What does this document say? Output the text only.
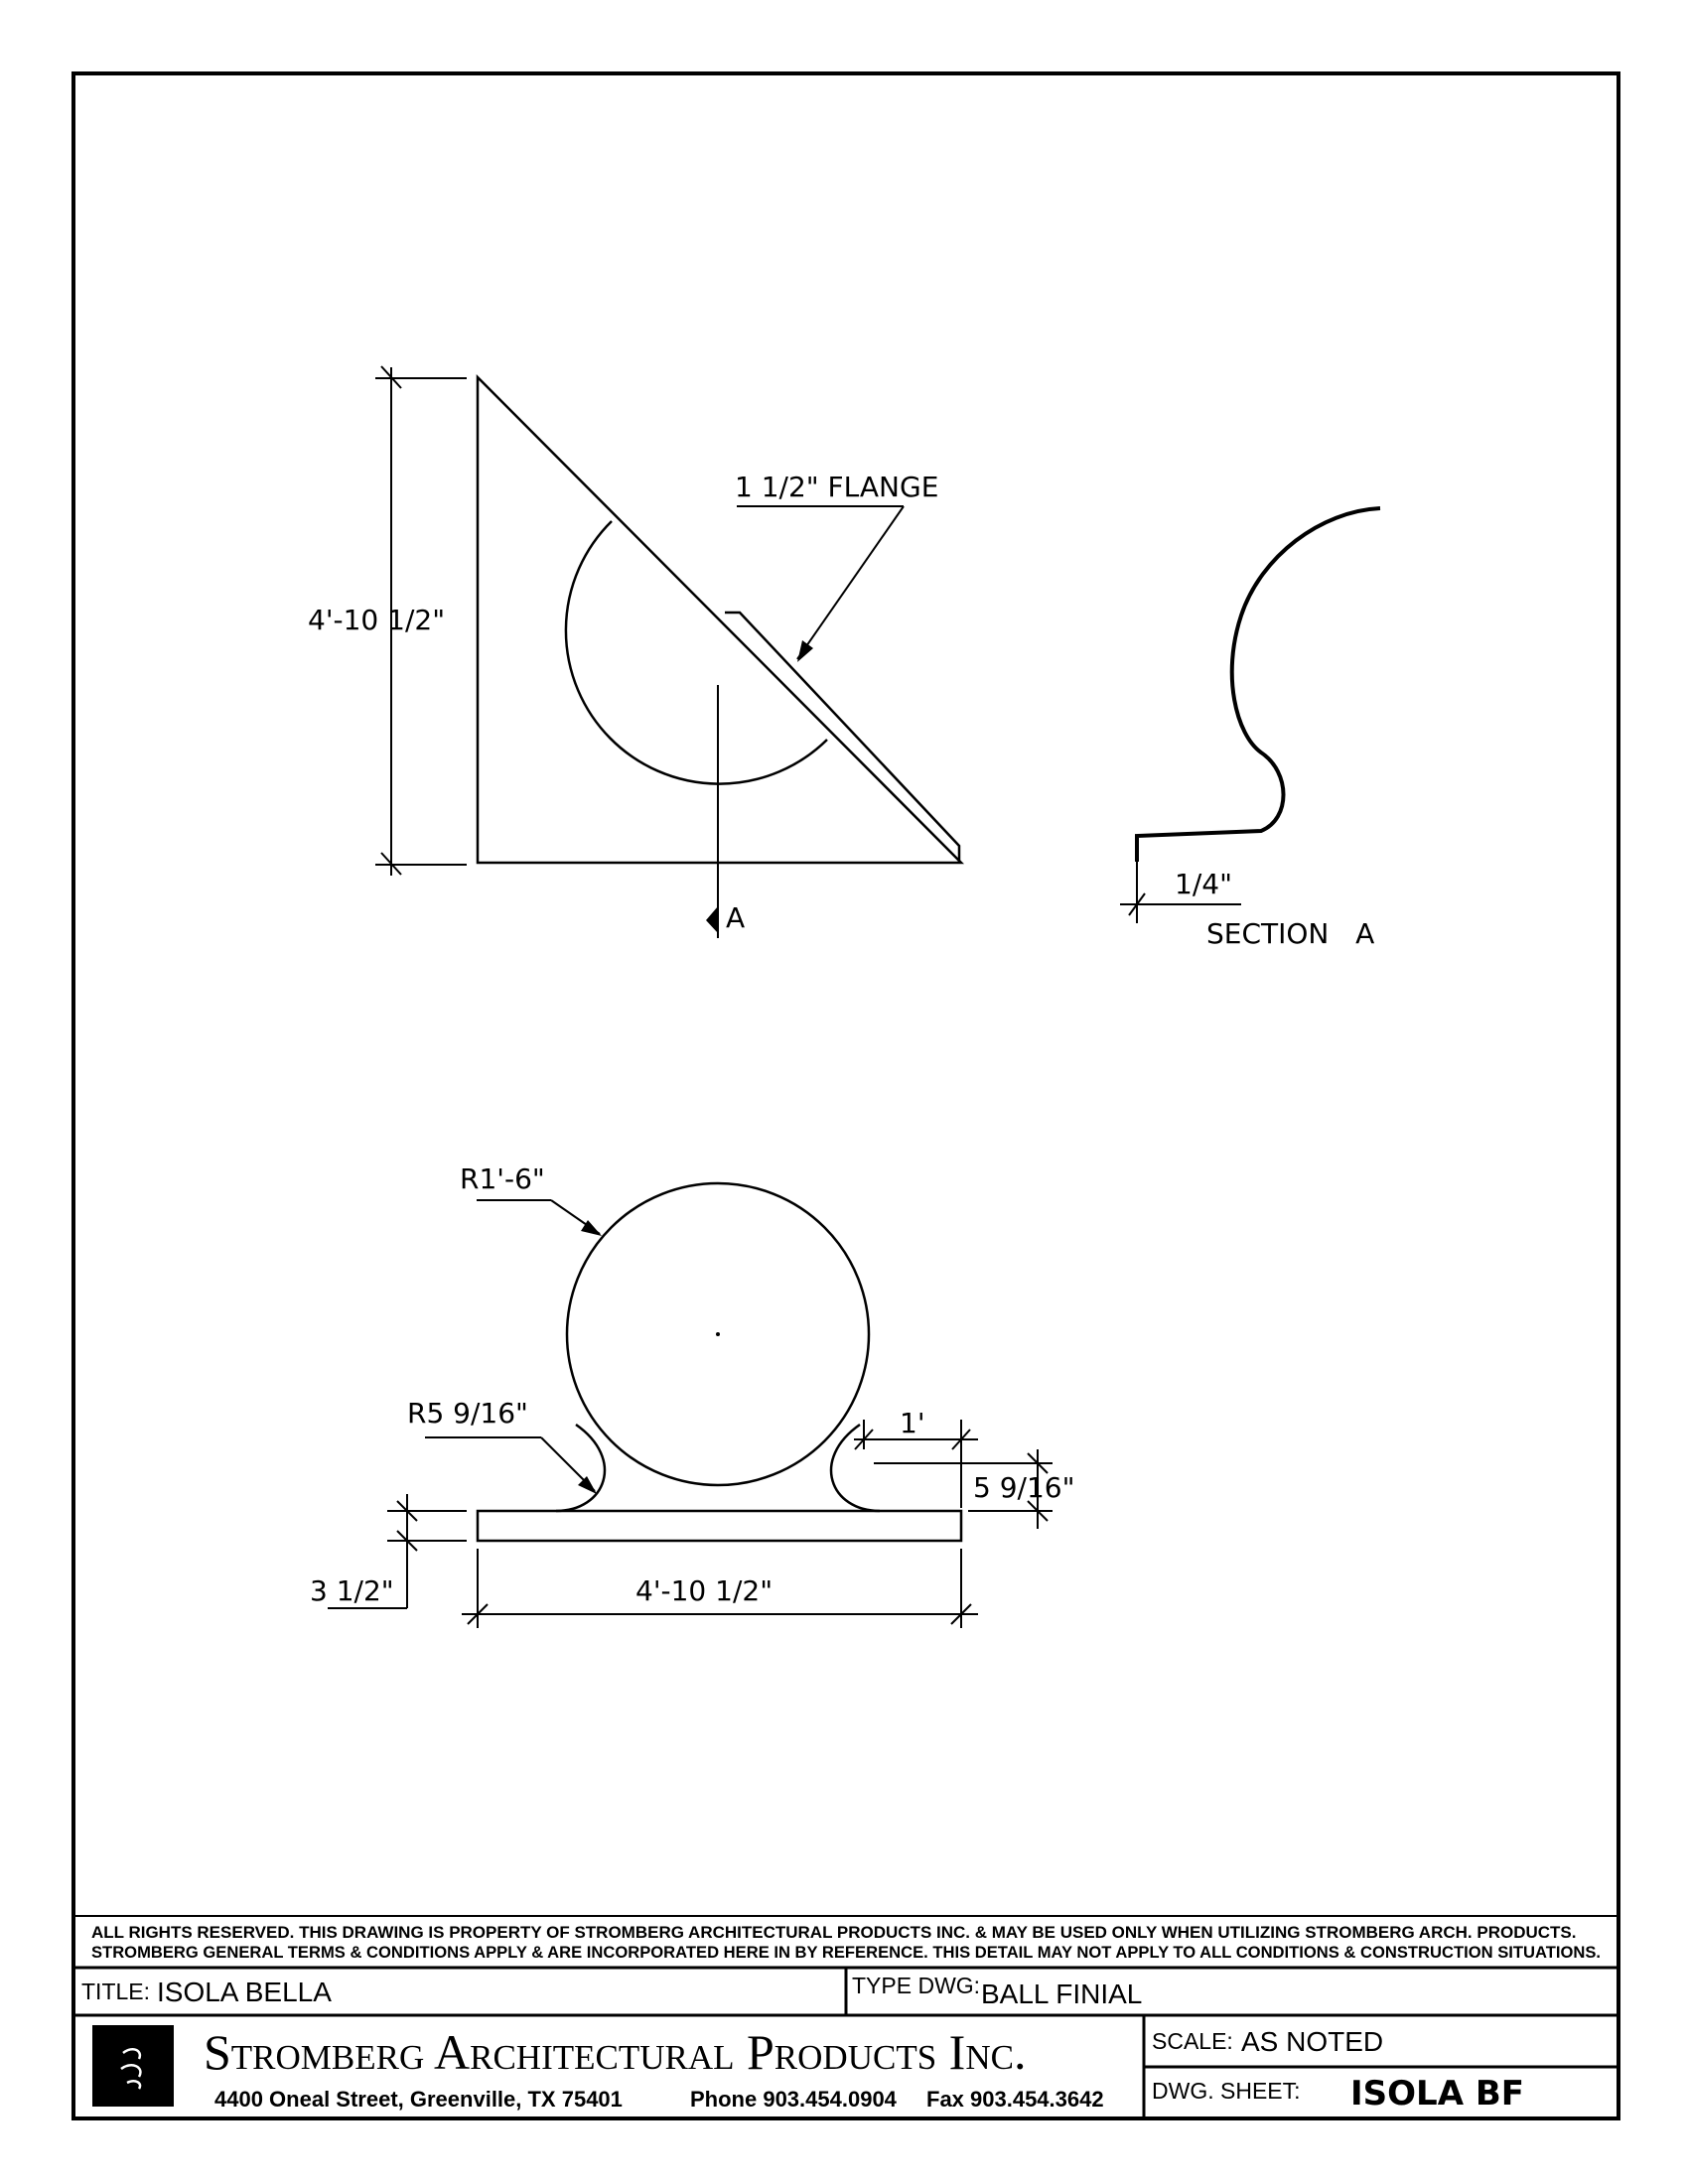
A
4'-10 1/2"
1 1/2" FLANGE
1/4"
SECTION   A
R1'-6"
R5 9/16"	1'
5 9/16"
3 1/2"	4'-10 1/2"
ALL RIGHTS RESERVED. THIS DRAWING IS PROPERTY OF STROMBERG ARCHITECTURAL PRODUCTS INC. & MAY BE USED ONLY WHEN UTILIZING STROMBERG ARCH. PRODUCTS.
STROMBERG GENERAL TERMS & CONDITIONS APPLY & ARE INCORPORATED HERE IN BY REFERENCE. THIS DETAIL MAY NOT APPLY TO ALL CONDITIONS & CONSTRUCTION SITUATIONS.
TITLE: ISOLA BELLA	TYPE DWG: BALL FINIAL
Stromberg Architectural Products Inc.
4400 Oneal Street, Greenville, TX 75401	Phone 903.454.0904 Fax 903.454.3642
SCALE: AS NOTED
DWG. SHEET: ISOLA BF
